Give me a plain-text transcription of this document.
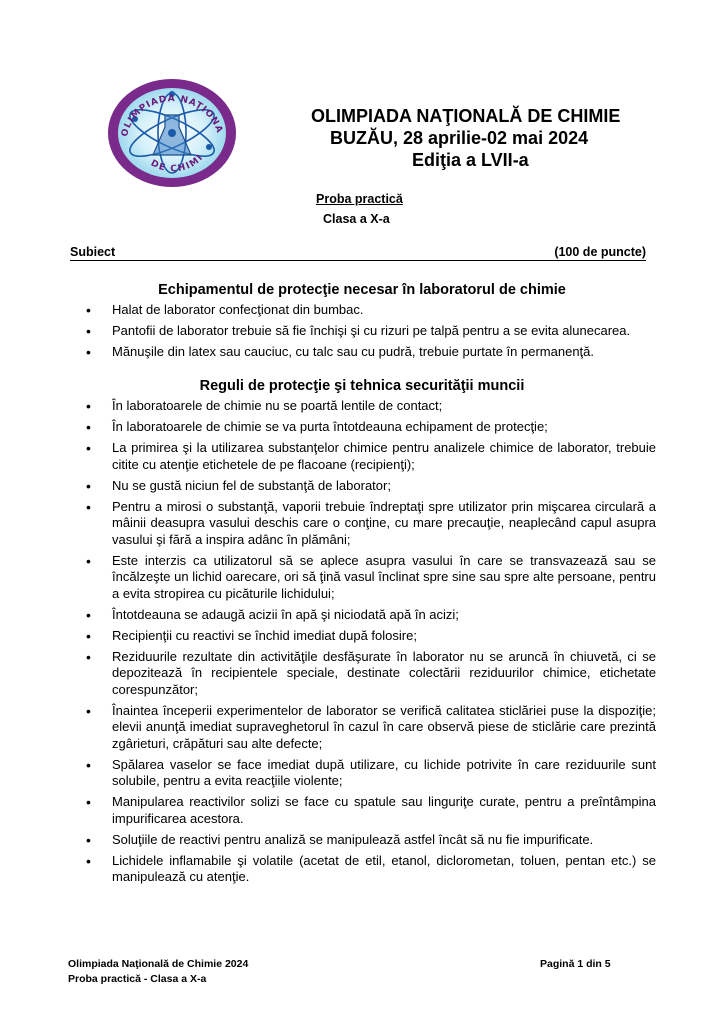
OLIMPIADA NAŢIONA
DE CHIMI
OLIMPIADA NAŢIONALĂ DE CHIMIE
BUZĂU, 28 aprilie-02 mai 2024
Ediţia a LVII-a
Proba practică
Clasa a X-a
Subiect	(100 de puncte)
Echipamentul de protecţie necesar în laboratorul de chimie
• Halat de laborator confecţionat din bumbac.
• Pantofii de laborator trebuie să fie închişi şi cu rizuri pe talpă pentru a se evita alunecarea.
• Mănuşile din latex sau cauciuc, cu talc sau cu pudră, trebuie purtate în permanenţă.
Reguli de protecţie şi tehnica securităţii muncii
• În laboratoarele de chimie nu se poartă lentile de contact;
• În laboratoarele de chimie se va purta întotdeauna echipament de protecţie;
• La primirea şi la utilizarea substanţelor chimice pentru analizele chimice de laborator, trebuie citite cu atenţie etichetele de pe flacoane (recipienţi);
• Nu se gustă niciun fel de substanţă de laborator;
• Pentru a mirosi o substanţă, vaporii trebuie îndreptaţi spre utilizator prin mişcarea circulară a mâinii deasupra vasului deschis care o conţine, cu mare precauţie, neaplecând capul asupra vasului şi fără a inspira adânc în plămâni;
• Este interzis ca utilizatorul să se aplece asupra vasului în care se transvazează sau se încălzeşte un lichid oarecare, ori să ţină vasul înclinat spre sine sau spre alte persoane, pentru a evita stropirea cu picăturile lichidului;
• Întotdeauna se adaugă acizii în apă şi niciodată apă în acizi;
• Recipienţii cu reactivi se închid imediat după folosire;
• Reziduurile rezultate din activităţile desfăşurate în laborator nu se aruncă în chiuvetă, ci se depozitează în recipientele speciale, destinate colectării reziduurilor chimice, etichetate corespunzător;
• Înaintea începerii experimentelor de laborator se verifică calitatea sticlăriei puse la dispoziţie; elevii anunţă imediat supraveghetorul în cazul în care observă piese de sticlărie care prezintă zgârieturi, crăpături sau alte defecte;
• Spălarea vaselor se face imediat după utilizare, cu lichide potrivite în care reziduurile sunt solubile, pentru a evita reacţiile violente;
• Manipularea reactivilor solizi se face cu spatule sau linguriţe curate, pentru a preîntâmpina impurificarea acestora.
• Soluţiile de reactivi pentru analiză se manipulează astfel încât să nu fie impurificate.
• Lichidele inflamabile şi volatile (acetat de etil, etanol, diclorometan, toluen, pentan etc.) se manipulează cu atenţie.
Olimpiada Naţională de Chimie 2024
Proba practică - Clasa a X-a
Pagină 1 din 5
